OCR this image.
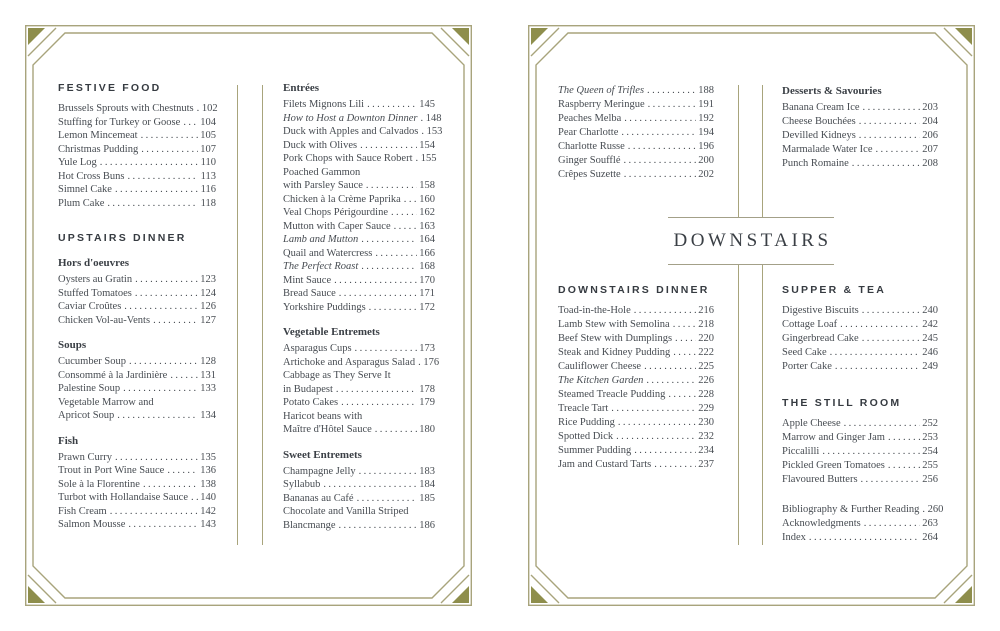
DOWNSTAIRS
FESTIVE FOOD
Brussels Sprouts with Chestnuts ..... 102
Stuffing for Turkey or Goose ..... 104
Lemon Mincemeat .....	105
Christmas Pudding .....	107
Yule Log .....	110
Hot Cross Buns .....	113
Simnel Cake .....	116
Plum Cake .....	118
UPSTAIRS DINNER
Hors d'oeuvres
Oysters au Gratin .....	123
Stuffed Tomatoes .....	124
Caviar Croûtes .....	126
Chicken Vol-au-Vents .....	127
Soups
Cucumber Soup .....	128
Consommé à la Jardinière .....	131
Palestine Soup .....	133
Vegetable Marrow and
Apricot Soup .....	134
Fish
Prawn Curry .....	135
Trout in Port Wine Sauce .....	136
Sole à la Florentine .....	138
Turbot with Hollandaise Sauce ..... 140
Fish Cream .....	142
Salmon Mousse .....	143
Entrées
Filets Mignons Lili .....	145
How to Host a Downton Dinner ..... 148
Duck with Apples and Calvados ..... 153
Duck with Olives .....	154
Pork Chops with Sauce Robert ..... 155
Poached Gammon
with Parsley Sauce .....	158
Chicken à la Crème Paprika ..... 160
Veal Chops Périgourdine .....	162
Mutton with Caper Sauce .....	163
Lamb and Mutton .....	164
Quail and Watercress .....	166
The Perfect Roast .....	168
Mint Sauce .....	170
Bread Sauce .....	171
Yorkshire Puddings .....	172
Vegetable Entremets
Asparagus Cups .....	173
Artichoke and Asparagus Salad ..... 176
Cabbage as They Serve It
in Budapest .....	178
Potato Cakes .....	179
Haricot beans with
Maître d'Hôtel Sauce .....	180
Sweet Entremets
Champagne Jelly .....	183
Syllabub .....	184
Bananas au Café .....	185
Chocolate and Vanilla Striped
Blancmange .....	186
The Queen of Trifles .....	188
Raspberry Meringue .....	191
Peaches Melba .....	192
Pear Charlotte .....	194
Charlotte Russe .....	196
Ginger Soufflé .....	200
Crêpes Suzette .....	202
Desserts & Savouries
Banana Cream Ice .....	203
Cheese Bouchées .....	204
Devilled Kidneys .....	206
Marmalade Water Ice .....	207
Punch Romaine .....	208
DOWNSTAIRS DINNER
Toad-in-the-Hole .....	216
Lamb Stew with Semolina .....	218
Beef Stew with Dumplings ..... 220
Steak and Kidney Pudding .....	222
Cauliflower Cheese .....	225
The Kitchen Garden .....	226
Steamed Treacle Pudding .....	228
Treacle Tart .....	229
Rice Pudding .....	230
Spotted Dick .....	232
Summer Pudding .....	234
Jam and Custard Tarts .....	237
SUPPER & TEA
Digestive Biscuits .....	240
Cottage Loaf .....	242
Gingerbread Cake .....	245
Seed Cake .....	246
Porter Cake .....	249
THE STILL ROOM
Apple Cheese .....	252
Marrow and Ginger Jam .....	253
Piccalilli .....	254
Pickled Green Tomatoes .....	255
Flavoured Butters .....	256
Bibliography & Further Reading ..... 260
Acknowledgments .....	263
Index .....	264
